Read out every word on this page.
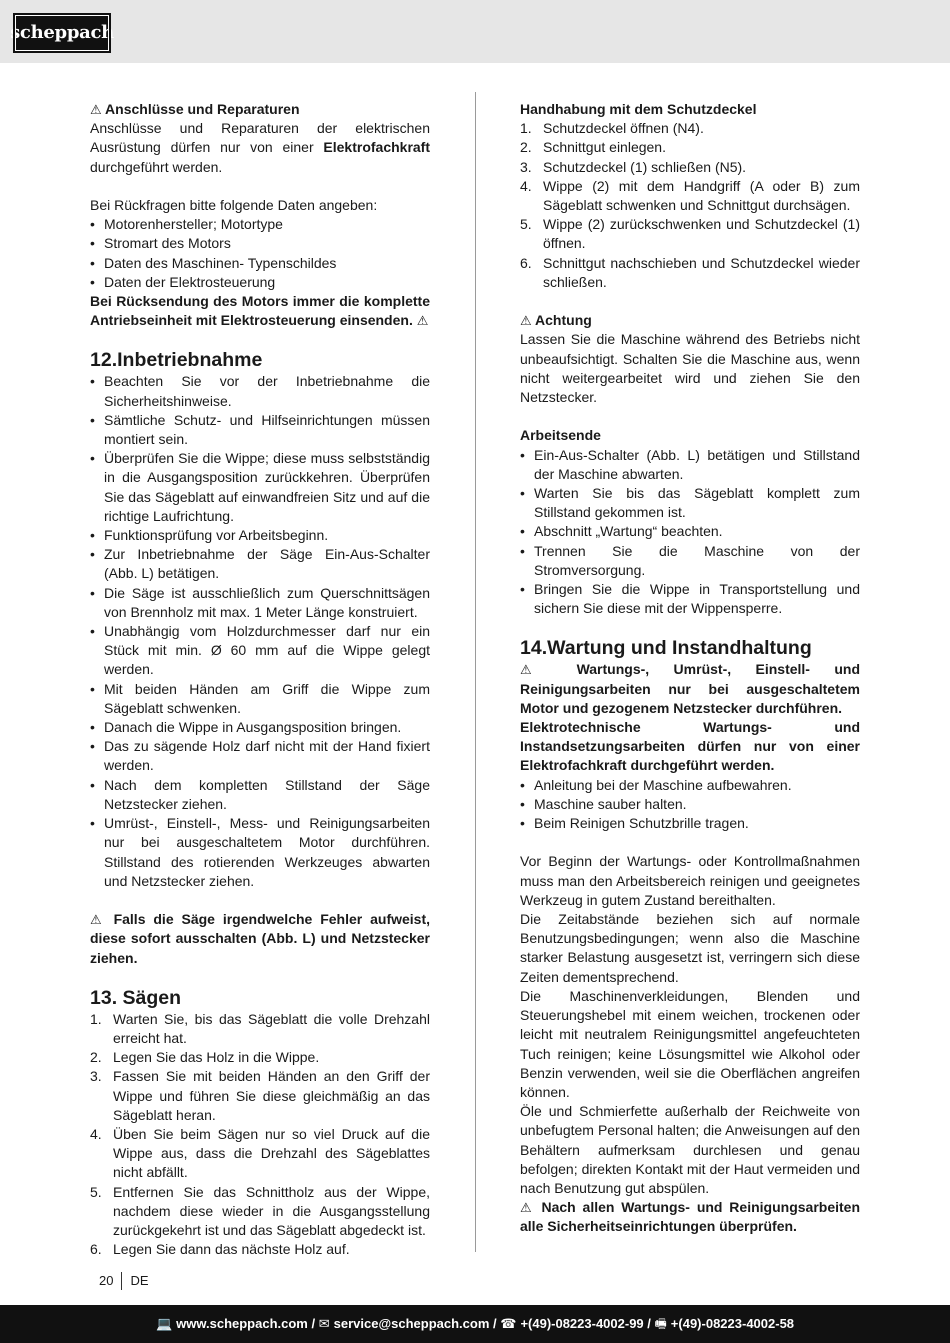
scheppach

⚠ Anschlüsse und Reparaturen

Anschlüsse und Reparaturen der elektrischen Ausrüstung dürfen nur von einer Elektrofachkraft durchgeführt werden.

Bei Rückfragen bitte folgende Daten angeben:

• Motorenhersteller; Motortype
• Stromart des Motors
• Daten des Maschinen- Typenschildes
• Daten der Elektrosteuerung

Bei Rücksendung des Motors immer die komplette Antriebseinheit mit Elektrosteuerung einsenden. ⚠

12.Inbetriebnahme
• Beachten Sie vor der Inbetriebnahme die Sicherheitshinweise.
• Sämtliche Schutz- und Hilfseinrichtungen müssen montiert sein.
• Überprüfen Sie die Wippe; diese muss selbstständig in die Ausgangsposition zurückkehren. Überprüfen Sie das Sägeblatt auf einwandfreien Sitz und auf die richtige Laufrichtung.
• Funktionsprüfung vor Arbeitsbeginn.
• Zur Inbetriebnahme der Säge Ein-Aus-Schalter (Abb. L) betätigen.
• Die Säge ist ausschließlich zum Querschnittsägen von Brennholz mit max. 1 Meter Länge konstruiert.
• Unabhängig vom Holzdurchmesser darf nur ein Stück mit min. Ø 60 mm auf die Wippe gelegt werden.
• Mit beiden Händen am Griff die Wippe zum Sägeblatt schwenken.
• Danach die Wippe in Ausgangsposition bringen.
• Das zu sägende Holz darf nicht mit der Hand fixiert werden.
• Nach dem kompletten Stillstand der Säge Netzstecker ziehen.
• Umrüst-, Einstell-, Mess- und Reinigungsarbeiten nur bei ausgeschaltetem Motor durchführen. Stillstand des rotierenden Werkzeuges abwarten und Netzstecker ziehen.

⚠ Falls die Säge irgendwelche Fehler aufweist, diese sofort ausschalten (Abb. L) und Netzstecker ziehen.

13. Sägen
1. Warten Sie, bis das Sägeblatt die volle Drehzahl erreicht hat.
2. Legen Sie das Holz in die Wippe.
3. Fassen Sie mit beiden Händen an den Griff der Wippe und führen Sie diese gleichmäßig an das Sägeblatt heran.
4. Üben Sie beim Sägen nur so viel Druck auf die Wippe aus, dass die Drehzahl des Sägeblattes nicht abfällt.
5. Entfernen Sie das Schnittholz aus der Wippe, nachdem diese wieder in die Ausgangsstellung zurückgekehrt ist und das Sägeblatt abgedeckt ist.
6. Legen Sie dann das nächste Holz auf.

Handhabung mit dem Schutzdeckel

1. Schutzdeckel öffnen (N4).
2. Schnittgut einlegen.
3. Schutzdeckel (1) schließen (N5).
4. Wippe (2) mit dem Handgriff (A oder B) zum Sägeblatt schwenken und Schnittgut durchsägen.
5. Wippe (2) zurückschwenken und Schutzdeckel (1) öffnen.
6. Schnittgut nachschieben und Schutzdeckel wieder schließen.

⚠ Achtung

Lassen Sie die Maschine während des Betriebs nicht unbeaufsichtigt. Schalten Sie die Maschine aus, wenn nicht weitergearbeitet wird und ziehen Sie den Netzstecker.

Arbeitsende

• Ein-Aus-Schalter (Abb. L) betätigen und Stillstand der Maschine abwarten.
• Warten Sie bis das Sägeblatt komplett zum Stillstand gekommen ist.
• Abschnitt „Wartung“ beachten.
• Trennen Sie die Maschine von der Stromversorgung.
• Bringen Sie die Wippe in Transportstellung und sichern Sie diese mit der Wippensperre.
14.Wartung und Instandhaltung

⚠ Wartungs-, Umrüst-, Einstell- und Reinigungsarbeiten nur bei ausgeschaltetem Motor und gezogenem Netzstecker durchführen.

Elektrotechnische Wartungs- und Instandsetzungsarbeiten dürfen nur von einer Elektrofachkraft durchgeführt werden.

• Anleitung bei der Maschine aufbewahren.
• Maschine sauber halten.
• Beim Reinigen Schutzbrille tragen.

Vor Beginn der Wartungs- oder Kontrollmaßnahmen muss man den Arbeitsbereich reinigen und geeignetes Werkzeug in gutem Zustand bereithalten.

Die Zeitabstände beziehen sich auf normale Benutzungsbedingungen; wenn also die Maschine starker Belastung ausgesetzt ist, verringern sich diese Zeiten dementsprechend.

Die Maschinenverkleidungen, Blenden und Steuerungshebel mit einem weichen, trockenen oder leicht mit neutralem Reinigungsmittel angefeuchteten Tuch reinigen; keine Lösungsmittel wie Alkohol oder Benzin verwenden, weil sie die Oberflächen angreifen können.

Öle und Schmierfette außerhalb der Reichweite von unbefugtem Personal halten; die Anweisungen auf den Behältern aufmerksam durchlesen und genau befolgen; direkten Kontakt mit der Haut vermeiden und nach Benutzung gut abspülen.

⚠ Nach allen Wartungs- und Reinigungsarbeiten alle Sicherheitseinrichtungen überprüfen.

20 DE
💻 www.scheppach.com /
✉ service@scheppach.com /
☎ +(49)-08223-4002-99 /
🖷 +(49)-08223-4002-58
